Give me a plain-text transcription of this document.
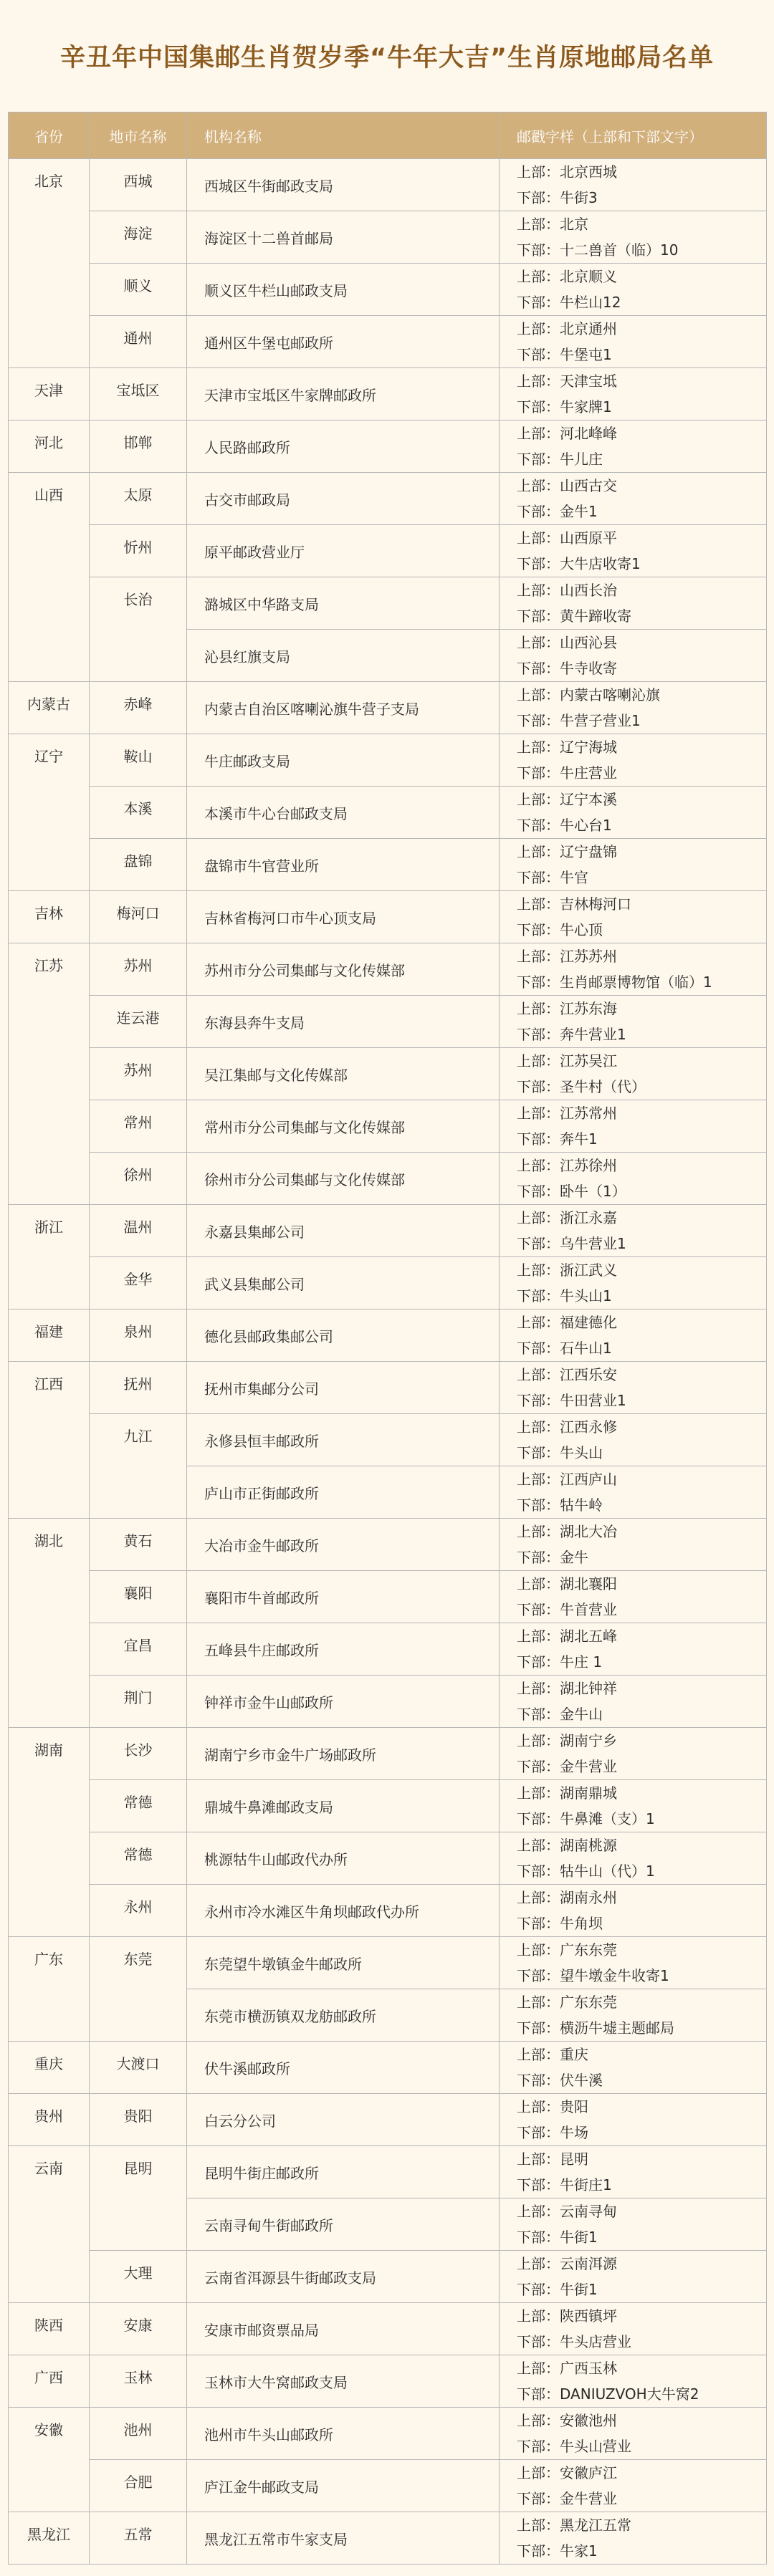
辛丑年中国集邮生肖贺岁季“牛年大吉”生肖原地邮局名单
省份	地市名称	机构名称	邮戳字样（上部和下部文字）
北京	西城	西城区牛街邮政支局	上部：北京西城
下部：牛街3

	海淀	海淀区十二兽首邮局	上部：北京
下部：十二兽首（临）10

	顺义	顺义区牛栏山邮政支局	上部：北京顺义
下部：牛栏山12

	通州	通州区牛堡屯邮政所	上部：北京通州
下部：牛堡屯1

天津	宝坻区	天津市宝坻区牛家牌邮政所	上部：天津宝坻
下部：牛家牌1

河北	邯郸	人民路邮政所	上部：河北峰峰
下部：牛儿庄

山西	太原	古交市邮政局	上部：山西古交
下部：金牛1

	忻州	原平邮政营业厅	上部：山西原平
下部：大牛店收寄1

	长治	潞城区中华路支局	上部：山西长治
下部：黄牛蹄收寄

		沁县红旗支局	上部：山西沁县
下部：牛寺收寄

内蒙古	赤峰	内蒙古自治区喀喇沁旗牛营子支局	上部：内蒙古喀喇沁旗
下部：牛营子营业1

辽宁	鞍山	牛庄邮政支局	上部：辽宁海城
下部：牛庄营业

	本溪	本溪市牛心台邮政支局	上部：辽宁本溪
下部：牛心台1

	盘锦	盘锦市牛官营业所	上部：辽宁盘锦
下部：牛官

吉林	梅河口	吉林省梅河口市牛心顶支局	上部：吉林梅河口
下部：牛心顶

江苏	苏州	苏州市分公司集邮与文化传媒部	上部：江苏苏州
下部：生肖邮票博物馆（临）1

	连云港	东海县奔牛支局	上部：江苏东海
下部：奔牛营业1

	苏州	吴江集邮与文化传媒部	上部：江苏吴江
下部：圣牛村（代）

	常州	常州市分公司集邮与文化传媒部	上部：江苏常州
下部：奔牛1

	徐州	徐州市分公司集邮与文化传媒部	上部：江苏徐州
下部：卧牛（1）

浙江	温州	永嘉县集邮公司	上部：浙江永嘉
下部：乌牛营业1

	金华	武义县集邮公司	上部：浙江武义
下部：牛头山1

福建	泉州	德化县邮政集邮公司	上部：福建德化
下部：石牛山1

江西	抚州	抚州市集邮分公司	上部：江西乐安
下部：牛田营业1

	九江	永修县恒丰邮政所	上部：江西永修
下部：牛头山

		庐山市正街邮政所	上部：江西庐山
下部：牯牛岭

湖北	黄石	大冶市金牛邮政所	上部：湖北大冶
下部：金牛

	襄阳	襄阳市牛首邮政所	上部：湖北襄阳
下部：牛首营业

	宜昌	五峰县牛庄邮政所	上部：湖北五峰
下部：牛庄 1

	荆门	钟祥市金牛山邮政所	上部：湖北钟祥
下部：金牛山

湖南	长沙	湖南宁乡市金牛广场邮政所	上部：湖南宁乡
下部：金牛营业

	常德	鼎城牛鼻滩邮政支局	上部：湖南鼎城
下部：牛鼻滩（支）1

	常德	桃源牯牛山邮政代办所	上部：湖南桃源
下部：牯牛山（代）1

	永州	永州市冷水滩区牛角坝邮政代办所	上部：湖南永州
下部：牛角坝

广东	东莞	东莞望牛墩镇金牛邮政所	上部：广东东莞
下部：望牛墩金牛收寄1

		东莞市横沥镇双龙舫邮政所	上部：广东东莞
下部：横沥牛墟主题邮局

重庆	大渡口	伏牛溪邮政所	上部：重庆
下部：伏牛溪

贵州	贵阳	白云分公司	上部：贵阳
下部：牛场

云南	昆明	昆明牛街庄邮政所	上部：昆明
下部：牛街庄1

		云南寻甸牛街邮政所	上部：云南寻甸
下部：牛街1

	大理	云南省洱源县牛街邮政支局	上部：云南洱源
下部：牛街1

陕西	安康	安康市邮资票品局	上部：陕西镇坪
下部：牛头店营业

广西	玉林	玉林市大牛窝邮政支局	上部：广西玉林
下部：DANIUZVOH大牛窝2

安徽	池州	池州市牛头山邮政所	上部：安徽池州
下部：牛头山营业

	合肥	庐江金牛邮政支局	上部：安徽庐江
下部：金牛营业

黑龙江	五常	黑龙江五常市牛家支局	上部：黑龙江五常
下部：牛家1
